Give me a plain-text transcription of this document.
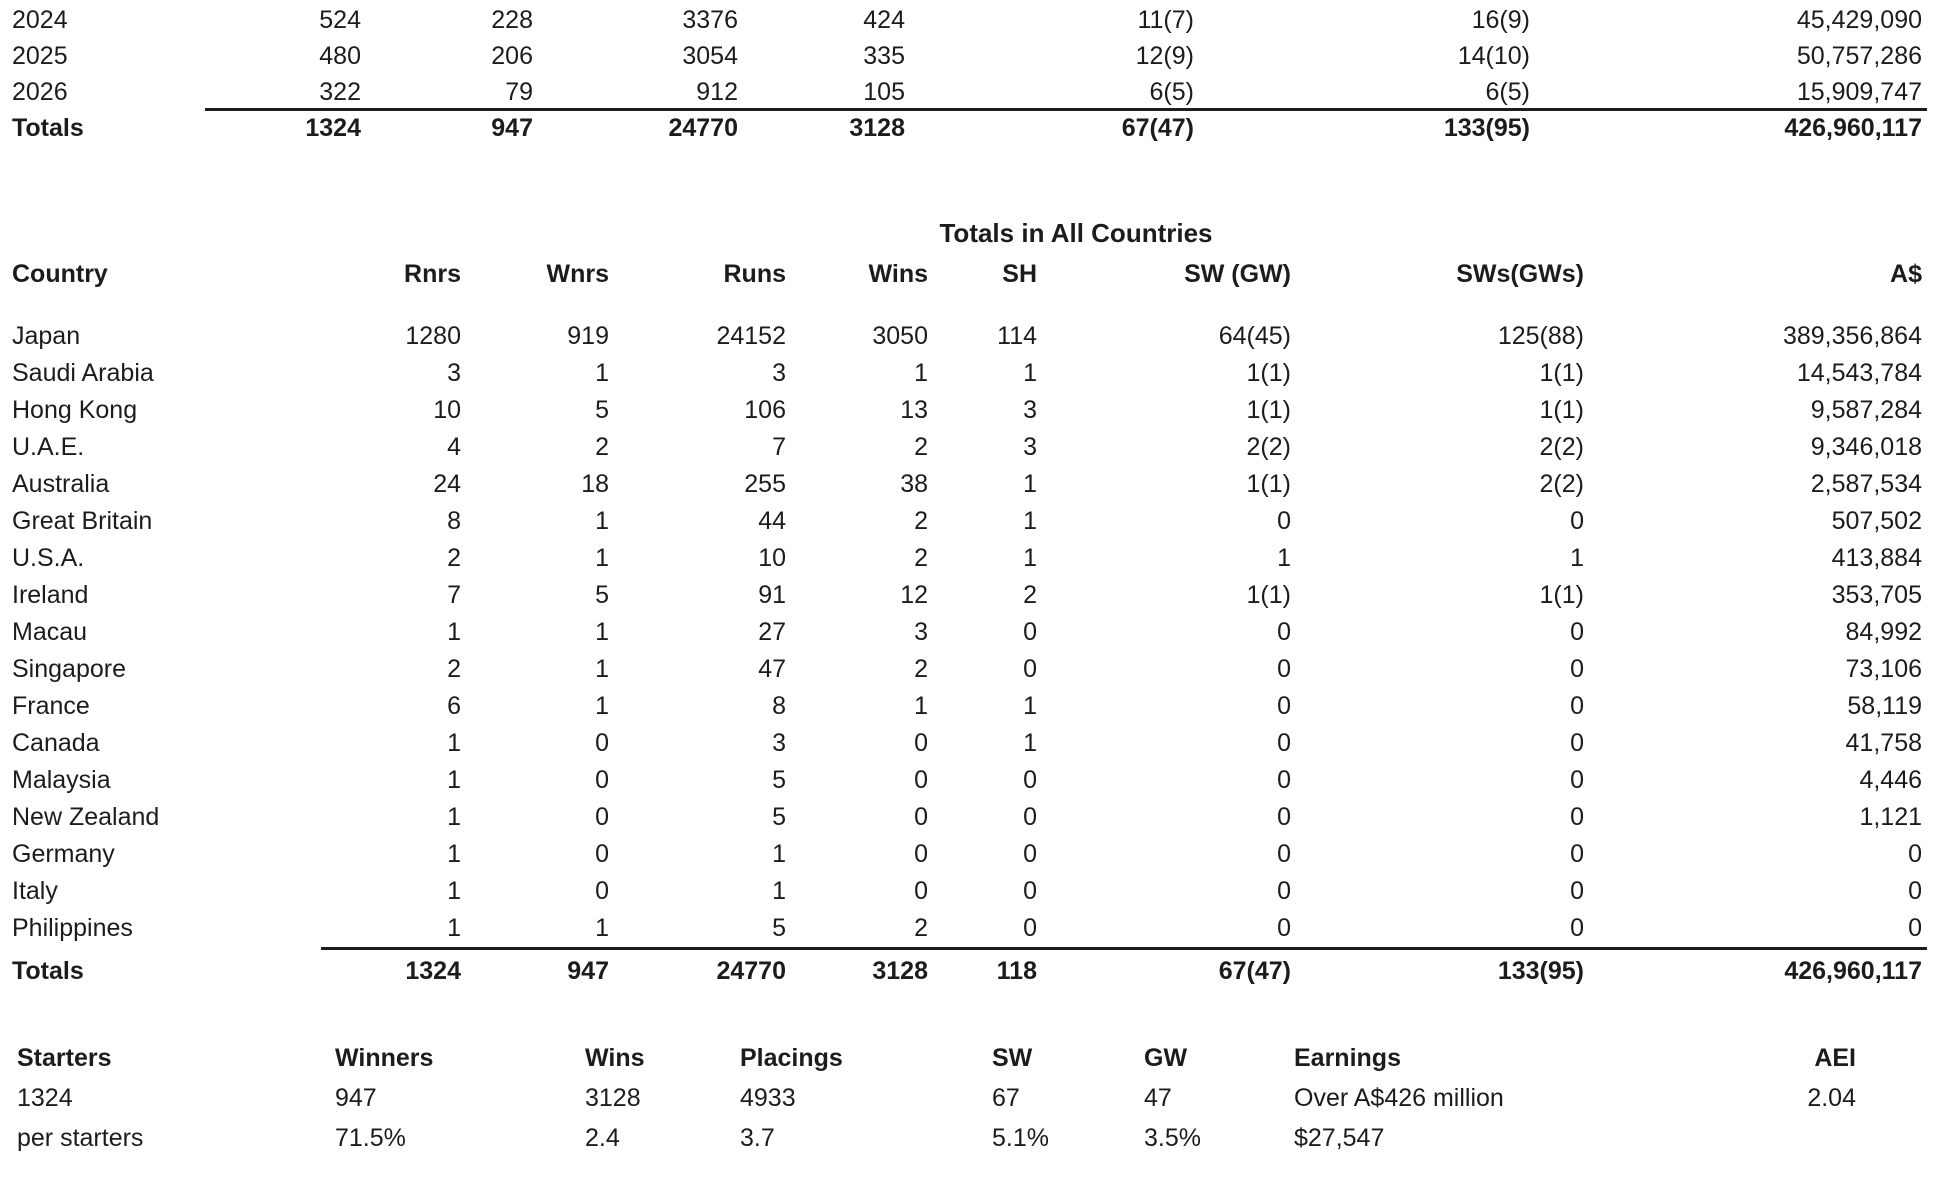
2024	524	228	3376	424	11(7)	16(9)	45,429,090
2025	480	206	3054	335	12(9)	14(10)	50,757,286
2026	322	79	912	105	6(5)	6(5)	15,909,747
Totals	1324	947	24770	3128	67(47)	133(95)	426,960,117
Totals in All Countries
Country	Rnrs	Wnrs	Runs	Wins	SH	SW (GW)	SWs(GWs)	A$

Japan	1280	919	24152	3050	114	64(45)	125(88)	389,356,864
Saudi Arabia	3	1	3	1	1	1(1)	1(1)	14,543,784
Hong Kong	10	5	106	13	3	1(1)	1(1)	9,587,284
U.A.E.	4	2	7	2	3	2(2)	2(2)	9,346,018
Australia	24	18	255	38	1	1(1)	2(2)	2,587,534
Great Britain	8	1	44	2	1	0	0	507,502
U.S.A.	2	1	10	2	1	1	1	413,884
Ireland	7	5	91	12	2	1(1)	1(1)	353,705
Macau	1	1	27	3	0	0	0	84,992
Singapore	2	1	47	2	0	0	0	73,106
France	6	1	8	1	1	0	0	58,119
Canada	1	0	3	0	1	0	0	41,758
Malaysia	1	0	5	0	0	0	0	4,446
New Zealand	1	0	5	0	0	0	0	1,121
Germany	1	0	1	0	0	0	0	0
Italy	1	0	1	0	0	0	0	0
Philippines	1	1	5	2	0	0	0	0

Totals	1324	947	24770	3128	118	67(47)	133(95)	426,960,117
Starters	Winners	Wins	Placings	SW	GW	Earnings	AEI
1324	947	3128	4933	67	47	Over A$426 million	2.04
per starters	71.5%	2.4	3.7	5.1%	3.5%	$27,547	
